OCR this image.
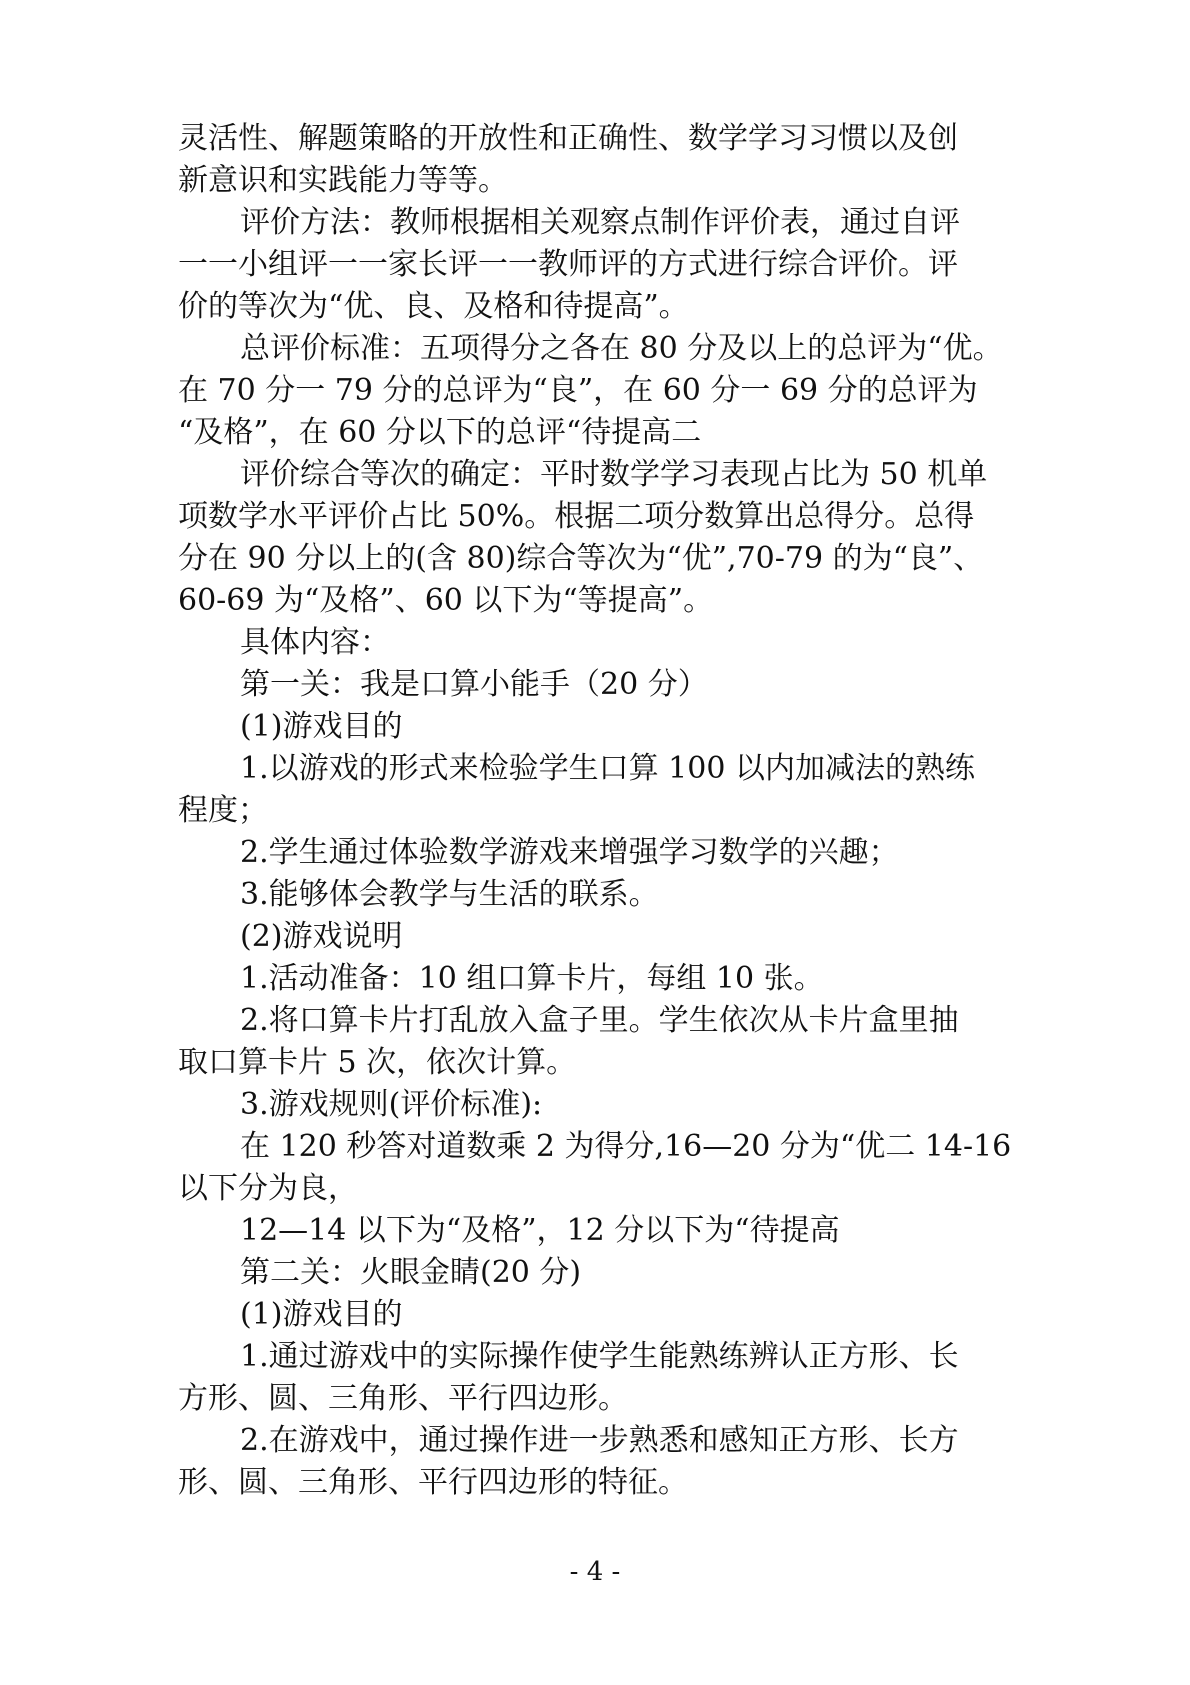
灵活性、解题策略的开放性和正确性、数学学习习惯以及创
新意识和实践能力等等。
评价方法：教师根据相关观察点制作评价表，通过自评
一一小组评一一家长评一一教师评的方式进行综合评价。评
价的等次为“优、良、及格和待提高”。
总评价标准：五项得分之各在 80 分及以上的总评为“优。
在 70 分一 79 分的总评为“良”，在 60 分一 69 分的总评为
“及格”，在 60 分以下的总评“待提高二
评价综合等次的确定：平时数学学习表现占比为 50 机单
项数学水平评价占比 50%。根据二项分数算出总得分。总得
分在 90 分以上的(含 80)综合等次为“优”,70-79 的为“良”、
60-69 为“及格”、60 以下为“等提高”。
具体内容：
第一关：我是口算小能手（20 分）
(1)游戏目的
1.以游戏的形式来检验学生口算 100 以内加减法的熟练
程度；
2.学生通过体验数学游戏来增强学习数学的兴趣；
3.能够体会教学与生活的联系。
(2)游戏说明
1.活动准备：10 组口算卡片，每组 10 张。
2.将口算卡片打乱放入盒子里。学生依次从卡片盒里抽
取口算卡片 5 次，依次计算。
3.游戏规则(评价标准):
在 120 秒答对道数乘 2 为得分,16—20 分为“优二 14-16
以下分为良，
12—14 以下为“及格”，12 分以下为“待提高
第二关：火眼金睛(20 分)
(1)游戏目的
1.通过游戏中的实际操作使学生能熟练辨认正方形、长
方形、圆、三角形、平行四边形。
2.在游戏中，通过操作进一步熟悉和感知正方形、长方
形、圆、三角形、平行四边形的特征。
- 4 -
